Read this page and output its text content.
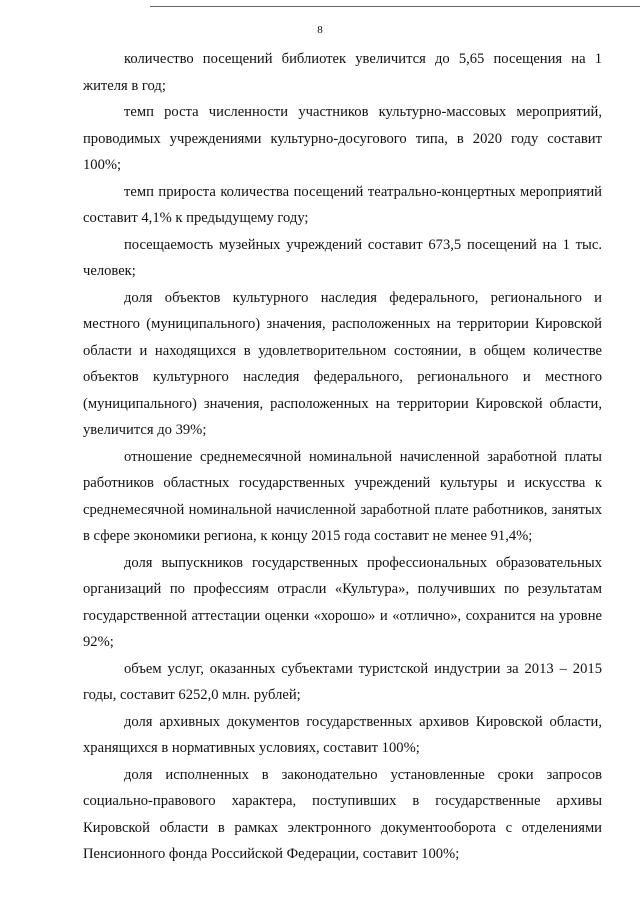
8

количество посещений библиотек увеличится до 5,65 посещения на 1 жителя в год;

темп роста численности участников культурно-массовых мероприятий, проводимых учреждениями культурно-досугового типа, в 2020 году составит 100%;

темп прироста количества посещений театрально-концертных мероприятий составит 4,1% к предыдущему году;

посещаемость музейных учреждений составит 673,5 посещений на 1 тыс. человек;

доля объектов культурного наследия федерального, регионального и местного (муниципального) значения, расположенных на территории Кировской области и находящихся в удовлетворительном состоянии, в общем количестве объектов культурного наследия федерального, регионального и местного (муниципального) значения, расположенных на территории Кировской области, увеличится до 39%;

отношение среднемесячной номинальной начисленной заработной платы работников областных государственных учреждений культуры и искусства к среднемесячной номинальной начисленной заработной плате работников, занятых в сфере экономики региона, к концу 2015 года составит не менее 91,4%;

доля выпускников государственных профессиональных образовательных организаций по профессиям отрасли «Культура», получивших по результатам государственной аттестации оценки «хорошо» и «отлично», сохранится на уровне 92%;

объем услуг, оказанных субъектами туристской индустрии за 2013 – 2015 годы, составит 6252,0 млн. рублей;

доля архивных документов государственных архивов Кировской области, хранящихся в нормативных условиях, составит 100%;

доля исполненных в законодательно установленные сроки запросов социально-правового характера, поступивших в государственные архивы Кировской области в рамках электронного документооборота с отделениями Пенсионного фонда Российской Федерации, составит 100%;
